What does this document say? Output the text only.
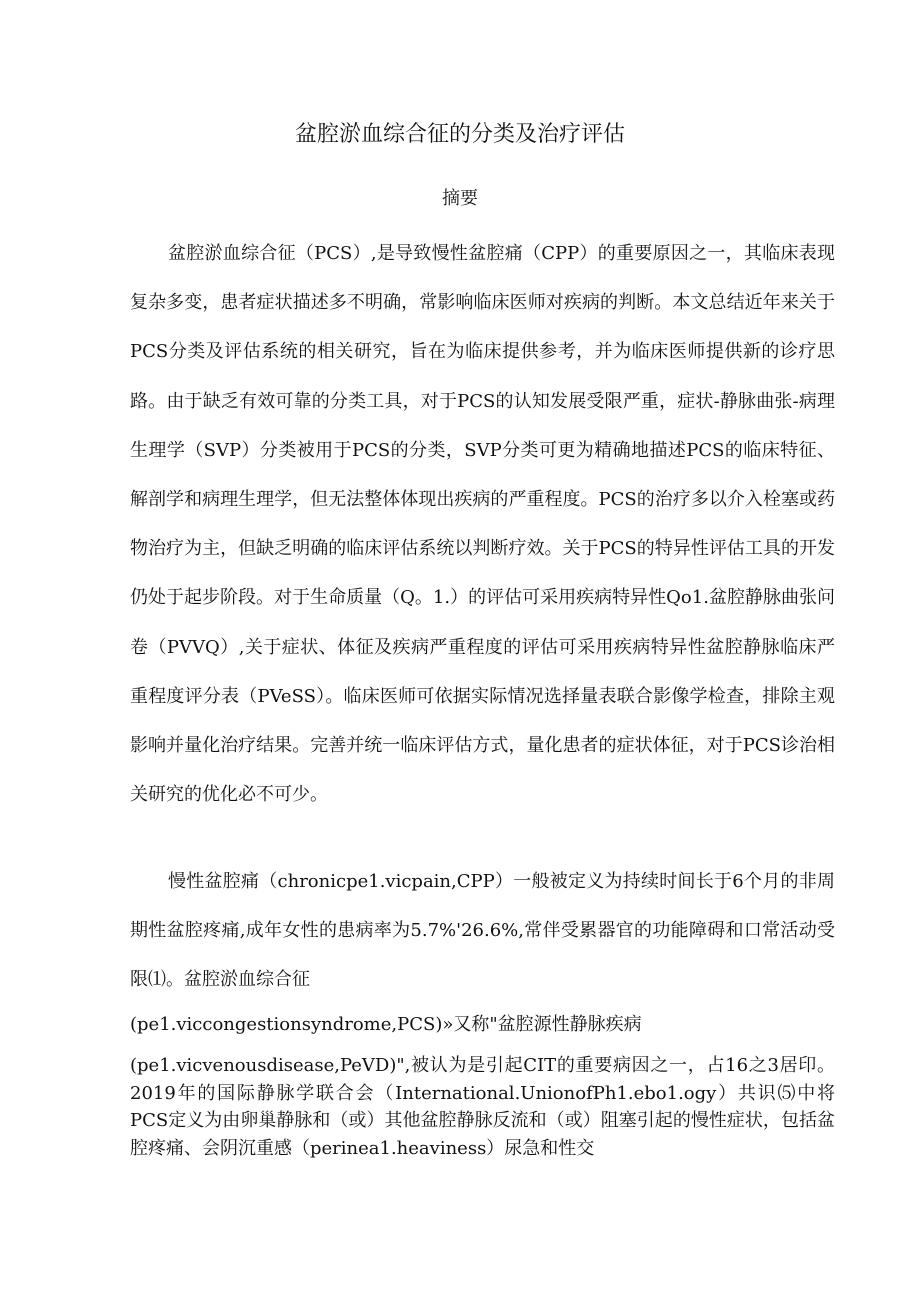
盆腔淤血综合征的分类及治疗评估
摘要
盆腔淤血综合征（PCS）,是导致慢性盆腔痛（CPP）的重要原因之一，其临床表现复杂多变，患者症状描述多不明确，常影响临床医师对疾病的判断。本文总结近年来关于PCS分类及评估系统的相关研究，旨在为临床提供参考，并为临床医师提供新的诊疗思路。由于缺乏有效可靠的分类工具，对于PCS的认知发展受限严重，症状-静脉曲张-病理生理学（SVP）分类被用于PCS的分类，SVP分类可更为精确地描述PCS的临床特征、解剖学和病理生理学，但无法整体体现出疾病的严重程度。PCS的治疗多以介入栓塞或药物治疗为主，但缺乏明确的临床评估系统以判断疗效。关于PCS的特异性评估工具的开发仍处于起步阶段。对于生命质量（Q。1.）的评估可采用疾病特异性Qo1.盆腔静脉曲张问卷（PVVQ）,关于症状、体征及疾病严重程度的评估可采用疾病特异性盆腔静脉临床严重程度评分表（PVeSS）。临床医师可依据实际情况选择量表联合影像学检查，排除主观影响并量化治疗结果。完善并统一临床评估方式，量化患者的症状体征，对于PCS诊治相关研究的优化必不可少。
慢性盆腔痛（chronicpe1.vicpain,CPP）一般被定义为持续时间长于6个月的非周期性盆腔疼痛,成年女性的患病率为5.7%'26.6%,常伴受累器官的功能障碍和口常活动受限⑴。盆腔淤血综合征
(pe1.viccongestionsyndrome,PCS)»又称"盆腔源性静脉疾病
(pe1.vicvenousdisease,PeVD)",被认为是引起CIT的重要病因之一，占16之3居印。2019年的国际静脉学联合会（International.UnionofPh1.ebo1.ogy）共识⑸中将PCS定义为由卵巢静脉和（或）其他盆腔静脉反流和（或）阻塞引起的慢性症状，包括盆腔疼痛、会阴沉重感（perinea1.heaviness）尿急和性交
